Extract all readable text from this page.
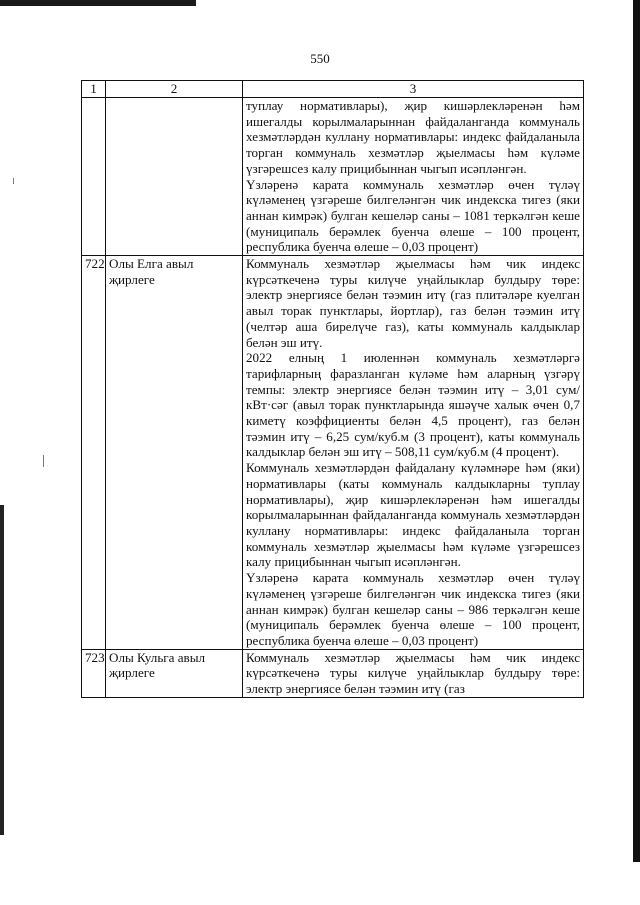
550
1	2	3

		туплау нормативлары), җир кишәрлекләренән һәм ишегалды корылмаларыннан файдаланганда коммуналь хезмәтләрдән куллану нормативлары: индекс файдаланыла торган коммуналь хезмәтләр җыелмасы һәм күләме үзгәрешсез калу прицибыннан чыгып исәпләнгән.

Үзләренә карата коммуналь хезмәтләр өчен түләү күләменең үзгәреше билгеләнгән чик индекска тигез (яки аннан кимрәк) булган кешеләр саны – 1081 теркәлгән кеше (муниципаль берәмлек буенча өлеше – 100 процент, республика буенча өлеше – 0,03 процент)

722	Олы Елга авыл җирлеге	Коммуналь хезмәтләр җыелмасы һәм чик индекс күрсәткеченә туры килүче уңайлыклар булдыру төре: электр энергиясе белән тәэмин итү (газ плитәләре куелган авыл торак пунктлары, йортлар), газ белән тәэмин итү (челтәр аша бирелүче газ), каты коммуналь калдыклар белән эш итү.

2022 елның 1 июленнән коммуналь хезмәтләргә тарифларның фаразланган күләме һәм аларның үзгәрү темпы: электр энергиясе белән тәэмин итү – 3,01 сум/кВт·сәг (авыл торак пунктларында яшәүче халык өчен 0,7 киметү коэффициенты белән 4,5 процент), газ белән тәэмин итү – 6,25 сум/куб.м (3 процент), каты коммуналь калдыклар белән эш итү – 508,11 сум/куб.м (4 процент).

Коммуналь хезмәтләрдән файдалану күләмнәре һәм (яки) нормативлары (каты коммуналь калдыкларны туплау нормативлары), җир кишәрлекләренән һәм ишегалды корылмаларыннан файдаланганда коммуналь хезмәтләрдән куллану нормативлары: индекс файдаланыла торган коммуналь хезмәтләр җыелмасы һәм күләме үзгәрешсез калу прицибыннан чыгып исәпләнгән.

Үзләренә карата коммуналь хезмәтләр өчен түләү күләменең үзгәреше билгеләнгән чик индекска тигез (яки аннан кимрәк) булган кешеләр саны – 986 теркәлгән кеше (муниципаль берәмлек буенча өлеше – 100 процент, республика буенча өлеше – 0,03 процент)

723	Олы Кульга авыл җирлеге	Коммуналь хезмәтләр җыелмасы һәм чик индекс күрсәткеченә туры килүче уңайлыклар булдыру төре: электр энергиясе белән тәэмин итү (газ
